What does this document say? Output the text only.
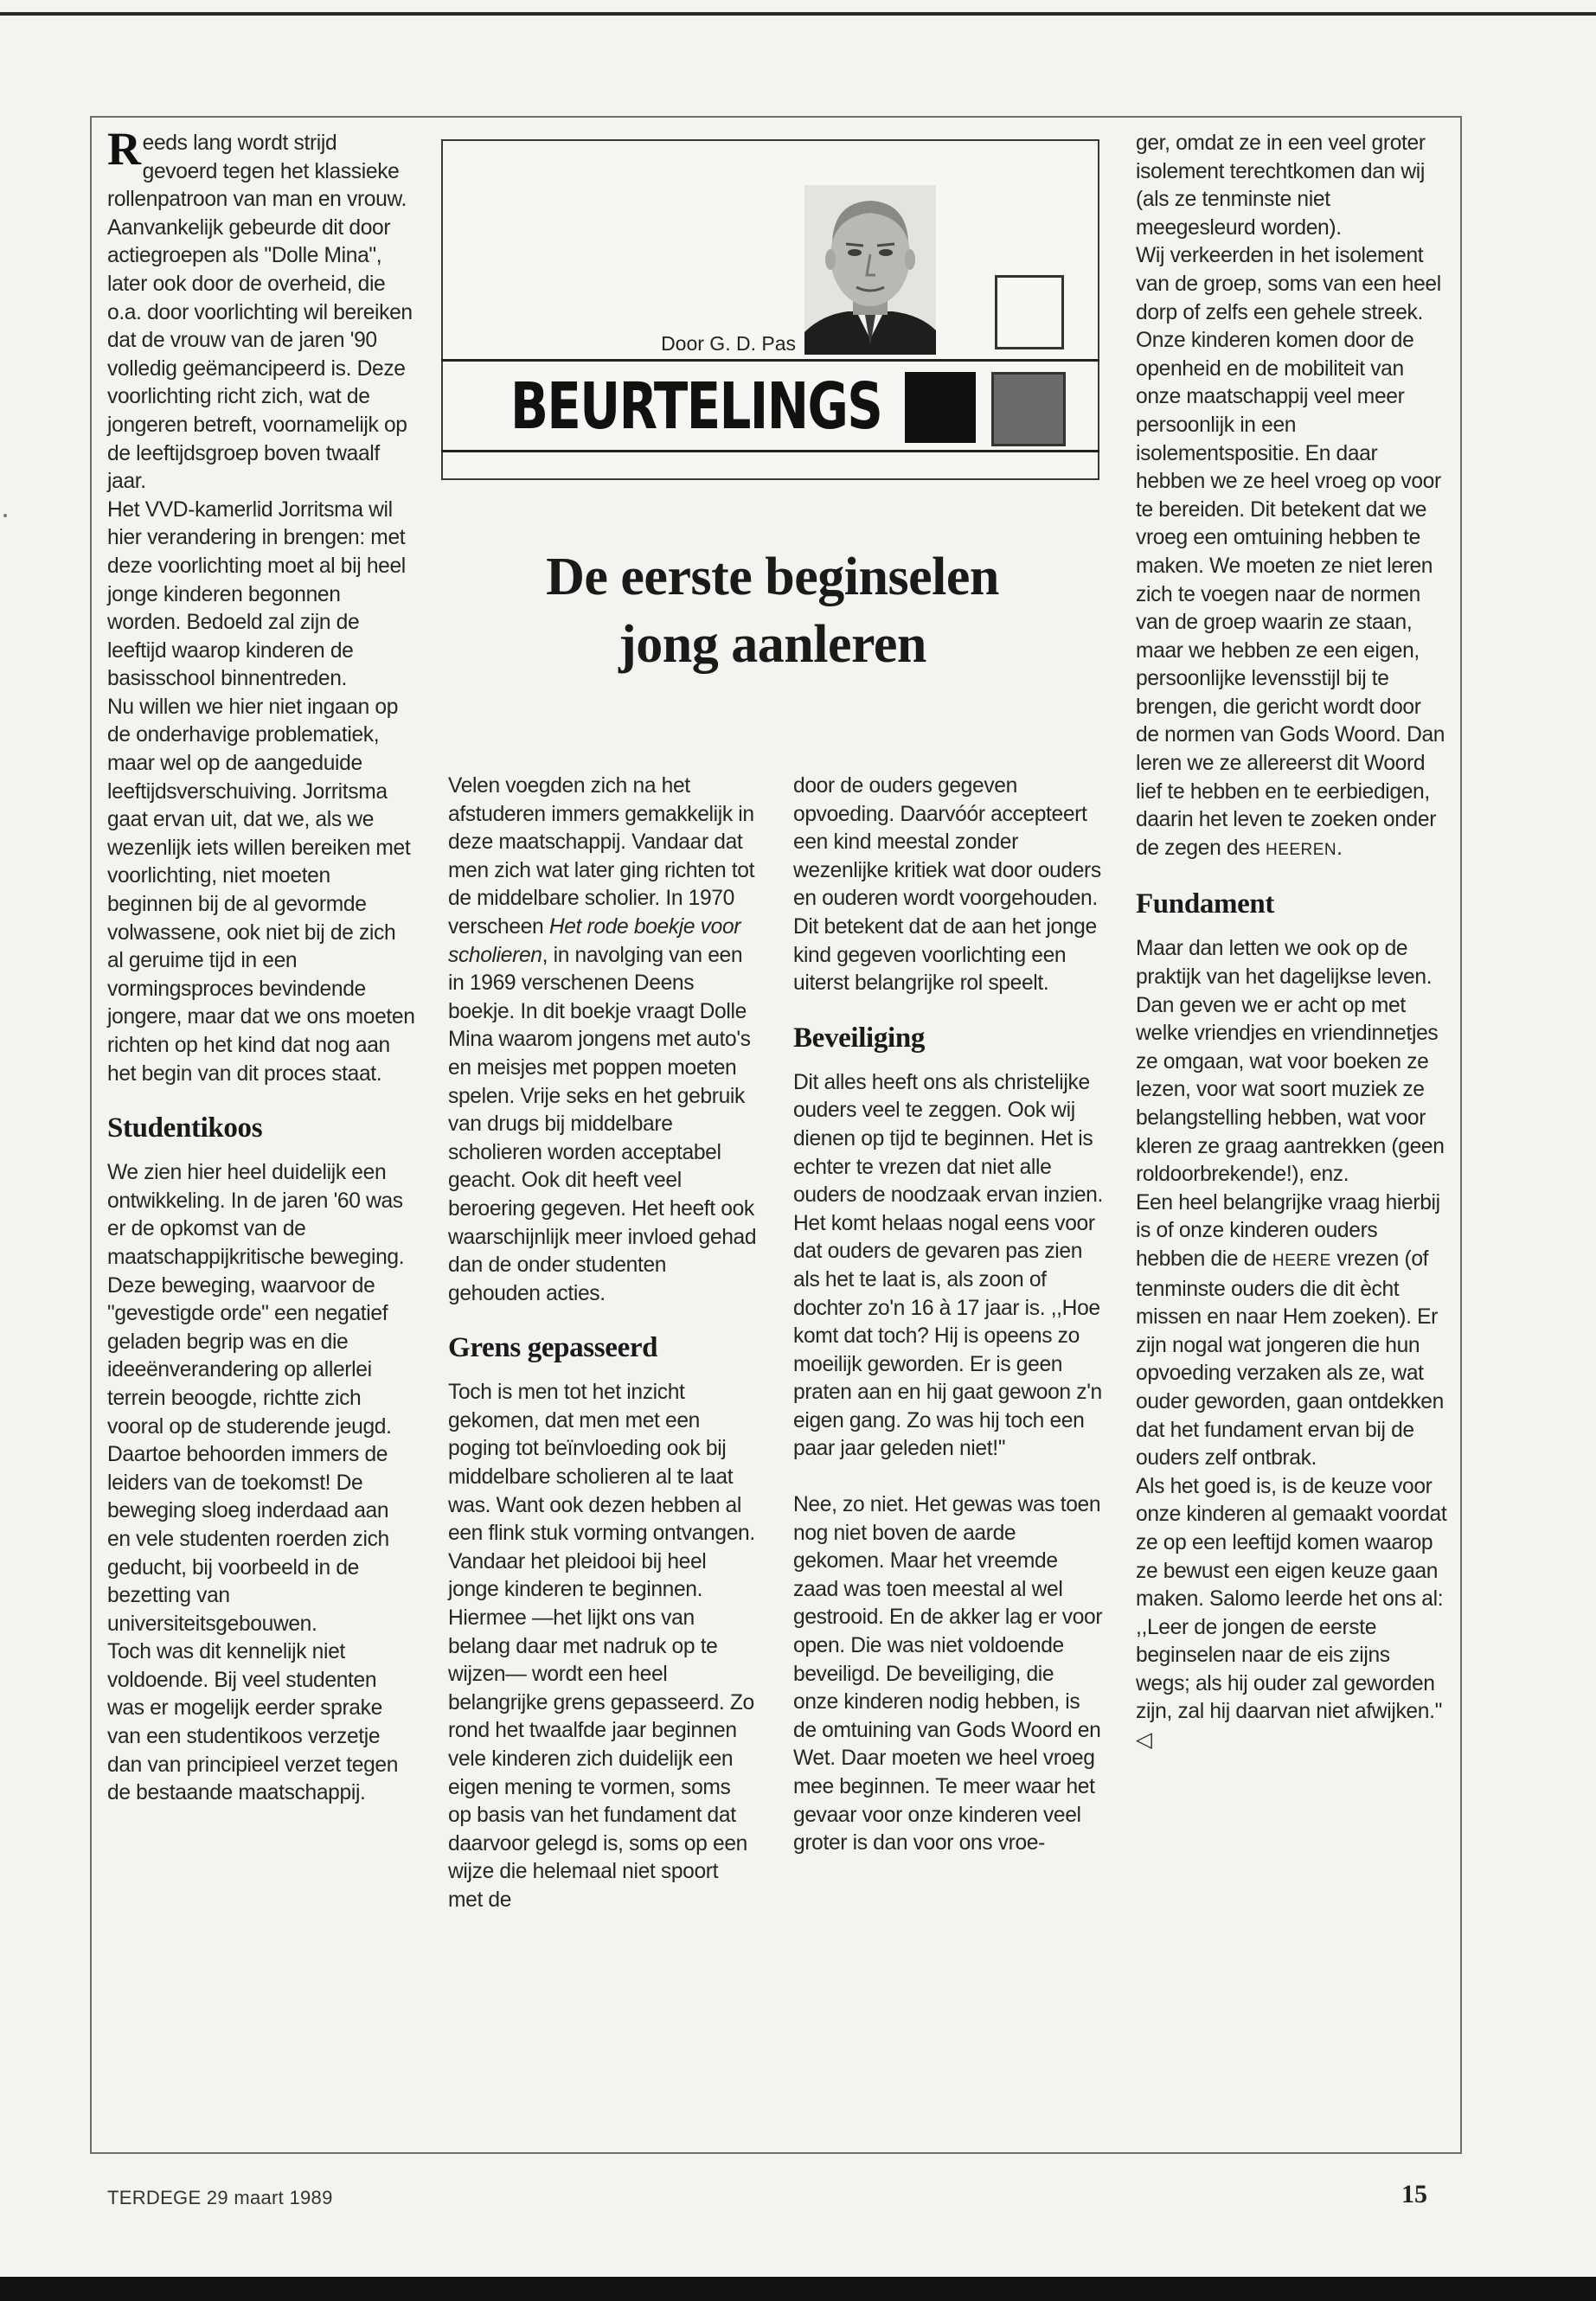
Door G. D. Pas
BEURTELINGS
De eerste beginselen
jong aanleren

Reeds lang wordt strijd gevoerd tegen het klassieke rollenpatroon van man en vrouw. Aanvankelijk gebeurde dit door actiegroepen als "Dolle Mina", later ook door de overheid, die o.a. door voorlichting wil bereiken dat de vrouw van de jaren '90 volledig geëmancipeerd is. Deze voorlichting richt zich, wat de jongeren betreft, voornamelijk op de leeftijdsgroep boven twaalf jaar.

Het VVD-kamerlid Jorritsma wil hier verandering in brengen: met deze voorlichting moet al bij heel jonge kinderen begonnen worden. Bedoeld zal zijn de leeftijd waarop kinderen de basisschool binnentreden.

Nu willen we hier niet ingaan op de onderhavige problematiek, maar wel op de aangeduide leeftijdsverschuiving. Jorritsma gaat ervan uit, dat we, als we wezenlijk iets willen bereiken met voorlichting, niet moeten beginnen bij de al gevormde volwassene, ook niet bij de zich al geruime tijd in een vormingsproces bevindende jongere, maar dat we ons moeten richten op het kind dat nog aan het begin van dit proces staat.

Studentikoos

We zien hier heel duidelijk een ontwikkeling. In de jaren '60 was er de opkomst van de maatschappijkritische beweging. Deze beweging, waarvoor de "gevestigde orde" een negatief geladen begrip was en die ideeënverandering op allerlei terrein beoogde, richtte zich vooral op de studerende jeugd. Daartoe behoorden immers de leiders van de toekomst! De beweging sloeg inderdaad aan en vele studenten roerden zich geducht, bij voorbeeld in de bezetting van universiteitsgebouwen.

Toch was dit kennelijk niet voldoende. Bij veel studenten was er mogelijk eerder sprake van een studentikoos verzetje dan van principieel verzet tegen de bestaande maatschappij.

Velen voegden zich na het afstuderen immers gemakkelijk in deze maatschappij. Vandaar dat men zich wat later ging richten tot de middelbare scholier. In 1970 verscheen Het rode boekje voor scholieren, in navolging van een in 1969 verschenen Deens boekje. In dit boekje vraagt Dolle Mina waarom jongens met auto's en meisjes met poppen moeten spelen. Vrije seks en het gebruik van drugs bij middelbare scholieren worden acceptabel geacht. Ook dit heeft veel beroering gegeven. Het heeft ook waarschijnlijk meer invloed gehad dan de onder studenten gehouden acties.

Grens gepasseerd

Toch is men tot het inzicht gekomen, dat men met een poging tot beïnvloeding ook bij middelbare scholieren al te laat was. Want ook dezen hebben al een flink stuk vorming ontvangen. Vandaar het pleidooi bij heel jonge kinderen te beginnen.

Hiermee —het lijkt ons van belang daar met nadruk op te wijzen— wordt een heel belangrijke grens gepasseerd. Zo rond het twaalfde jaar beginnen vele kinderen zich duidelijk een eigen mening te vormen, soms op basis van het fundament dat daarvoor gelegd is, soms op een wijze die helemaal niet spoort met de

door de ouders gegeven opvoeding. Daarvóór accepteert een kind meestal zonder wezenlijke kritiek wat door ouders en ouderen wordt voorgehouden. Dit betekent dat de aan het jonge kind gegeven voorlichting een uiterst belangrijke rol speelt.

Beveiliging

Dit alles heeft ons als christelijke ouders veel te zeggen. Ook wij dienen op tijd te beginnen. Het is echter te vrezen dat niet alle ouders de noodzaak ervan inzien. Het komt helaas nogal eens voor dat ouders de gevaren pas zien als het te laat is, als zoon of dochter zo'n 16 à 17 jaar is. ,,Hoe komt dat toch? Hij is opeens zo moeilijk geworden. Er is geen praten aan en hij gaat gewoon z'n eigen gang. Zo was hij toch een paar jaar geleden niet!''

Nee, zo niet. Het gewas was toen nog niet boven de aarde gekomen. Maar het vreemde zaad was toen meestal al wel gestrooid. En de akker lag er voor open. Die was niet voldoende beveiligd. De beveiliging, die onze kinderen nodig hebben, is de omtuining van Gods Woord en Wet. Daar moeten we heel vroeg mee beginnen. Te meer waar het gevaar voor onze kinderen veel groter is dan voor ons vroe-

ger, omdat ze in een veel groter isolement terechtkomen dan wij (als ze tenminste niet meegesleurd worden).

Wij verkeerden in het isolement van de groep, soms van een heel dorp of zelfs een gehele streek. Onze kinderen komen door de openheid en de mobiliteit van onze maatschappij veel meer persoonlijk in een isolementspositie. En daar hebben we ze heel vroeg op voor te bereiden. Dit betekent dat we vroeg een omtuining hebben te maken. We moeten ze niet leren zich te voegen naar de normen van de groep waarin ze staan, maar we hebben ze een eigen, persoonlijke levensstijl bij te brengen, die gericht wordt door de normen van Gods Woord. Dan leren we ze allereerst dit Woord lief te hebben en te eerbiedigen, daarin het leven te zoeken onder de zegen des HEEREN.

Fundament

Maar dan letten we ook op de praktijk van het dagelijkse leven. Dan geven we er acht op met welke vriendjes en vriendinnetjes ze omgaan, wat voor boeken ze lezen, voor wat soort muziek ze belangstelling hebben, wat voor kleren ze graag aantrekken (geen roldoorbrekende!), enz.

Een heel belangrijke vraag hierbij is of onze kinderen ouders hebben die de HEERE vrezen (of tenminste ouders die dit ècht missen en naar Hem zoeken). Er zijn nogal wat jongeren die hun opvoeding verzaken als ze, wat ouder geworden, gaan ontdekken dat het fundament ervan bij de ouders zelf ontbrak.

Als het goed is, is de keuze voor onze kinderen al gemaakt voordat ze op een leeftijd komen waarop ze bewust een eigen keuze gaan maken. Salomo leerde het ons al: ,,Leer de jongen de eerste beginselen naar de eis zijns wegs; als hij ouder zal geworden zijn, zal hij daarvan niet afwijken.'' ◁

TERDEGE 29 maart 1989	15
